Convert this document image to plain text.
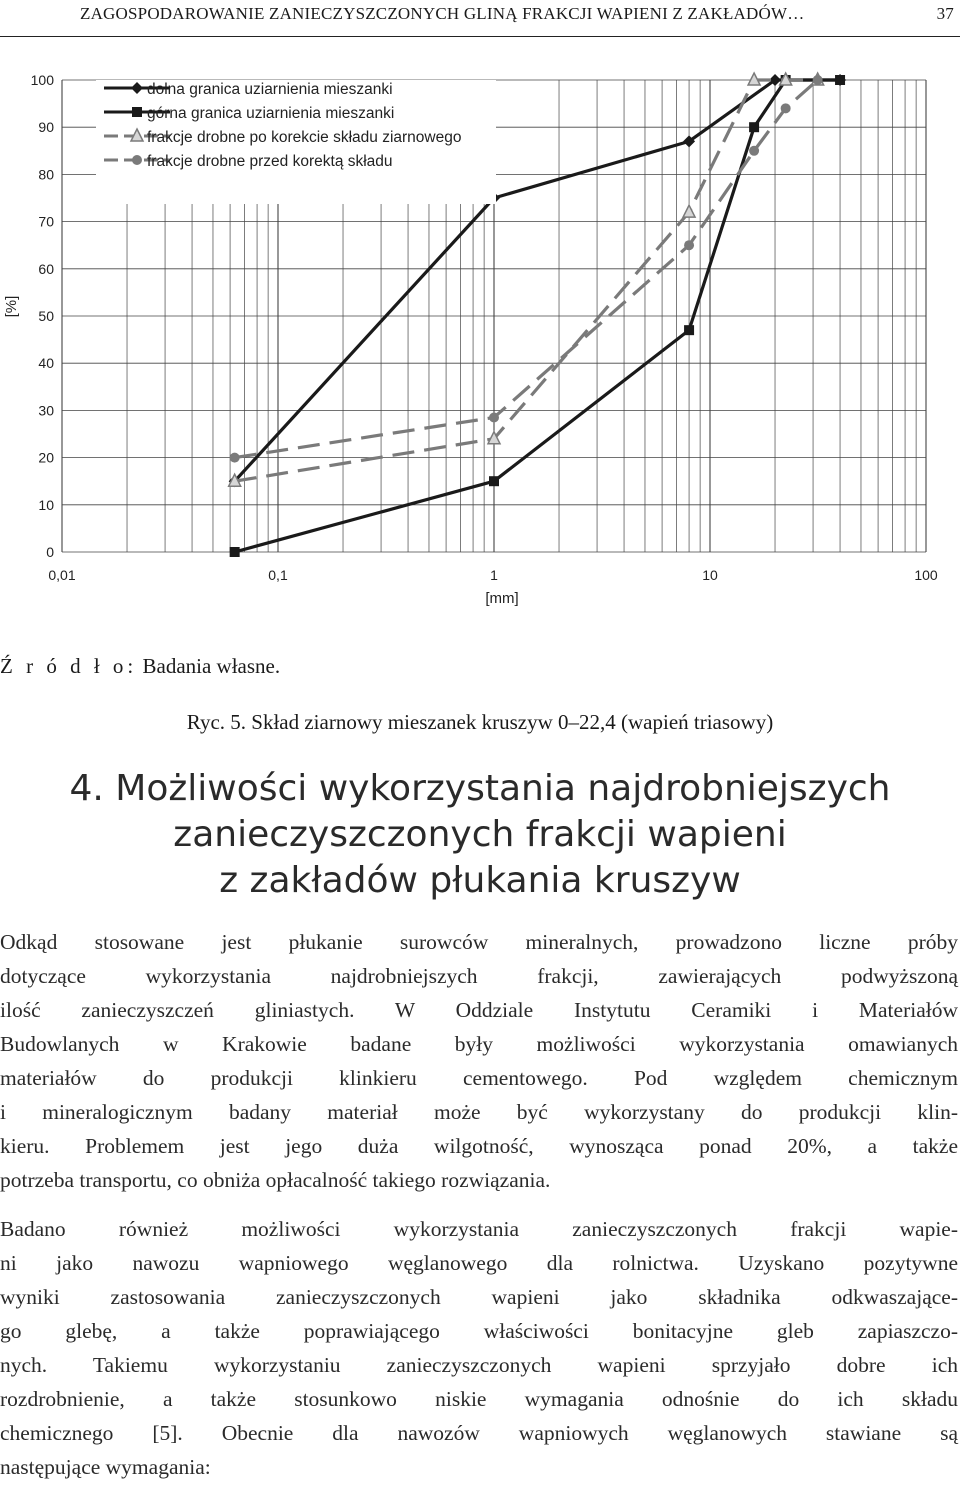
ZAGOSPODAROWANIE ZANIECZYSZCZONYCH GLINĄ FRAKCJI WAPIENI Z ZAKŁADÓW…	37
0
10
20
30
40
50
60
70
80
90
100
0,01	0,1	1	10	100
[%]
[mm]
dolna granica uziarnienia mieszanki
górna granica uziarnienia mieszanki
frakcje drobne po korekcie składu ziarnowego
frakcje drobne przed korektą składu
Ź r ó d ł o: Badania własne.
Ryc. 5. Skład ziarnowy mieszanek kruszyw 0–22,4 (wapień triasowy)
4. Możliwości wykorzystania najdrobniejszych
zanieczyszczonych frakcji wapieni
z zakładów płukania kruszyw
Odkąd stosowane jest płukanie surowców mineralnych, prowadzono liczne próby
dotyczące wykorzystania najdrobniejszych frakcji, zawierających podwyższoną
ilość zanieczyszczeń gliniastych. W Oddziale Instytutu Ceramiki i Materiałów
Budowlanych w Krakowie badane były możliwości wykorzystania omawianych
materiałów do produkcji klinkieru cementowego. Pod względem chemicznym
i mineralogicznym badany materiał może być wykorzystany do produkcji klin-
kieru. Problemem jest jego duża wilgotność, wynosząca ponad 20%, a także
potrzeba transportu, co obniża opłacalność takiego rozwiązania.
Badano również możliwości wykorzystania zanieczyszczonych frakcji wapie-
ni jako nawozu wapniowego węglanowego dla rolnictwa. Uzyskano pozytywne
wyniki zastosowania zanieczyszczonych wapieni jako składnika odkwaszające-
go glebę, a także poprawiającego właściwości bonitacyjne gleb zapiaszczo-
nych. Takiemu wykorzystaniu zanieczyszczonych wapieni sprzyjało dobre ich
rozdrobnienie, a także stosunkowo niskie wymagania odnośnie do ich składu
chemicznego [5]. Obecnie dla nawozów wapniowych węglanowych stawiane są
następujące wymagania:
